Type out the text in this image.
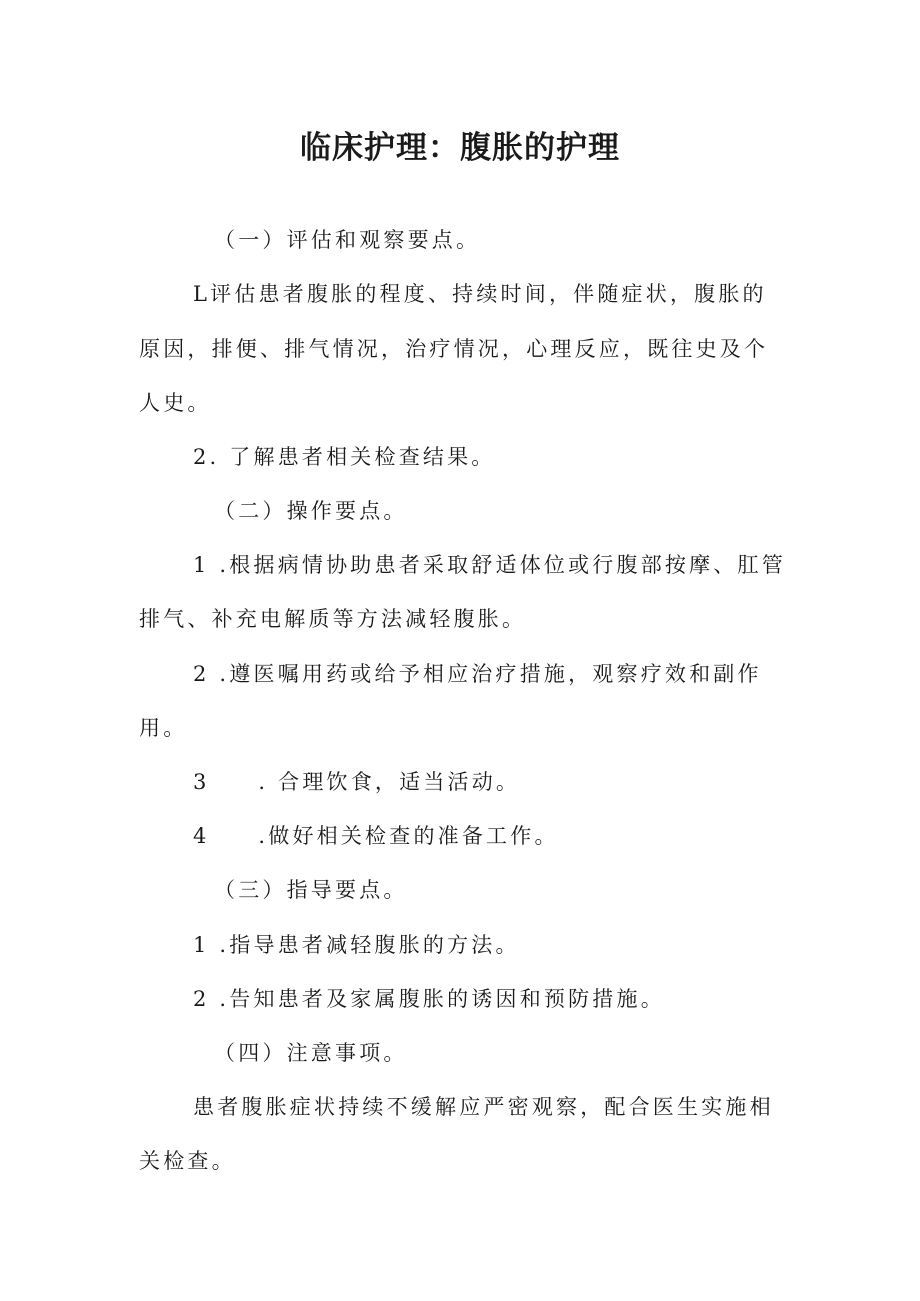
临床护理：腹胀的护理
（一）评估和观察要点。
L评估患者腹胀的程度、持续时间，伴随症状，腹胀的
原因，排便、排气情况，治疗情况，心理反应，既往史及个
人史。
2. 了解患者相关检查结果。
（二）操作要点。
1 .根据病情协助患者采取舒适体位或行腹部按摩、肛管
排气、补充电解质等方法减轻腹胀。
2 .遵医嘱用药或给予相应治疗措施，观察疗效和副作
用。
3 . 合理饮食，适当活动。
4 .做好相关检查的准备工作。
（三）指导要点。
1 .指导患者减轻腹胀的方法。
2 .告知患者及家属腹胀的诱因和预防措施。
（四）注意事项。
患者腹胀症状持续不缓解应严密观察，配合医生实施相
关检查。
